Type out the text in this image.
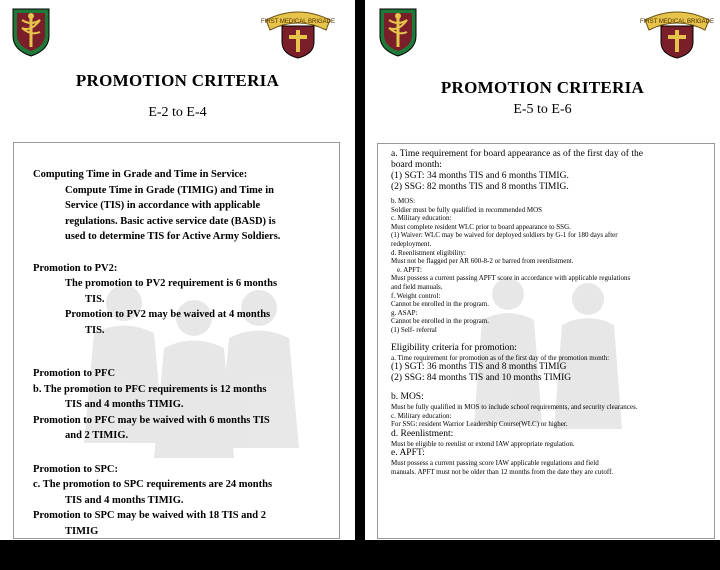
FIRST MEDICAL BRIGADE
PROMOTION CRITERIA
E-2 to E-4

Computing Time in Grade and Time in Service:
Compute Time in Grade (TIMIG) and Time in
Service (TIS) in accordance with applicable
regulations. Basic active service date (BASD) is
used to determine TIS for Active Army Soldiers.

Promotion to PV2:
The promotion to PV2 requirement is 6 months
TIS.
Promotion to PV2 may be waived at 4 months
TIS.

Promotion to PFC
b. The promotion to PFC requirements is 12 months
TIS and 4 months TIMIG.
Promotion to PFC may be waived with 6 months TIS
and 2 TIMIG.

Promotion to SPC:
c. The promotion to SPC requirements are 24 months
TIS and 4 months TIMIG.
Promotion to SPC may be waived with 18 TIS and 2
TIMIG
* Soldiers must not be flagged or barred from
reenlistment.*

FIRST MEDICAL BRIGADE
PROMOTION CRITERIA
E-5 to E-6

a. Time requirement for board appearance as of the first day of the

board month:

(1) SGT: 34 months TIS and 6 months TIMIG.

(2) SSG: 82 months TIS and 8 months TIMIG.

b. MOS:

Soldier must be fully qualified in recommended MOS

c. Military education:

Must complete resident WLC prior to board appearance to SSG.

(1) Waiver: WLC may be waived for deployed soldiers by G-1 for 180 days after

redeployment.

d. Reenlistment eligibility:

Must not be flagged per AR 600-8-2 or barred from reenlistment.

e. APFT:

Must possess a current passing APFT score in accordance with applicable regulations

and field manuals.

f. Weight control:

Cannot be enrolled in the program.

g. ASAP:

Cannot be enrolled in the program.

(1) Self- referral

Eligibility criteria for promotion:

a. Time requirement for promotion as of the first day of the promotion month:

(1) SGT: 36 months TIS and 8 months TIMIG

(2) SSG: 84 months TIS and 10 months TIMIG

b. MOS:

Must be fully qualified in MOS to include school requirements, and security clearances.

c. Military education:

For SSG: resident Warrior Leadership Course(WLC) or higher.

d. Reenlistment:

Must be eligible to reenlist or extend IAW appropriate regulation.

e. APFT:

Must possess a current passing score IAW applicable regulations and field

manuals. APFT must not be older than 12 months from the date they are cutoff.
